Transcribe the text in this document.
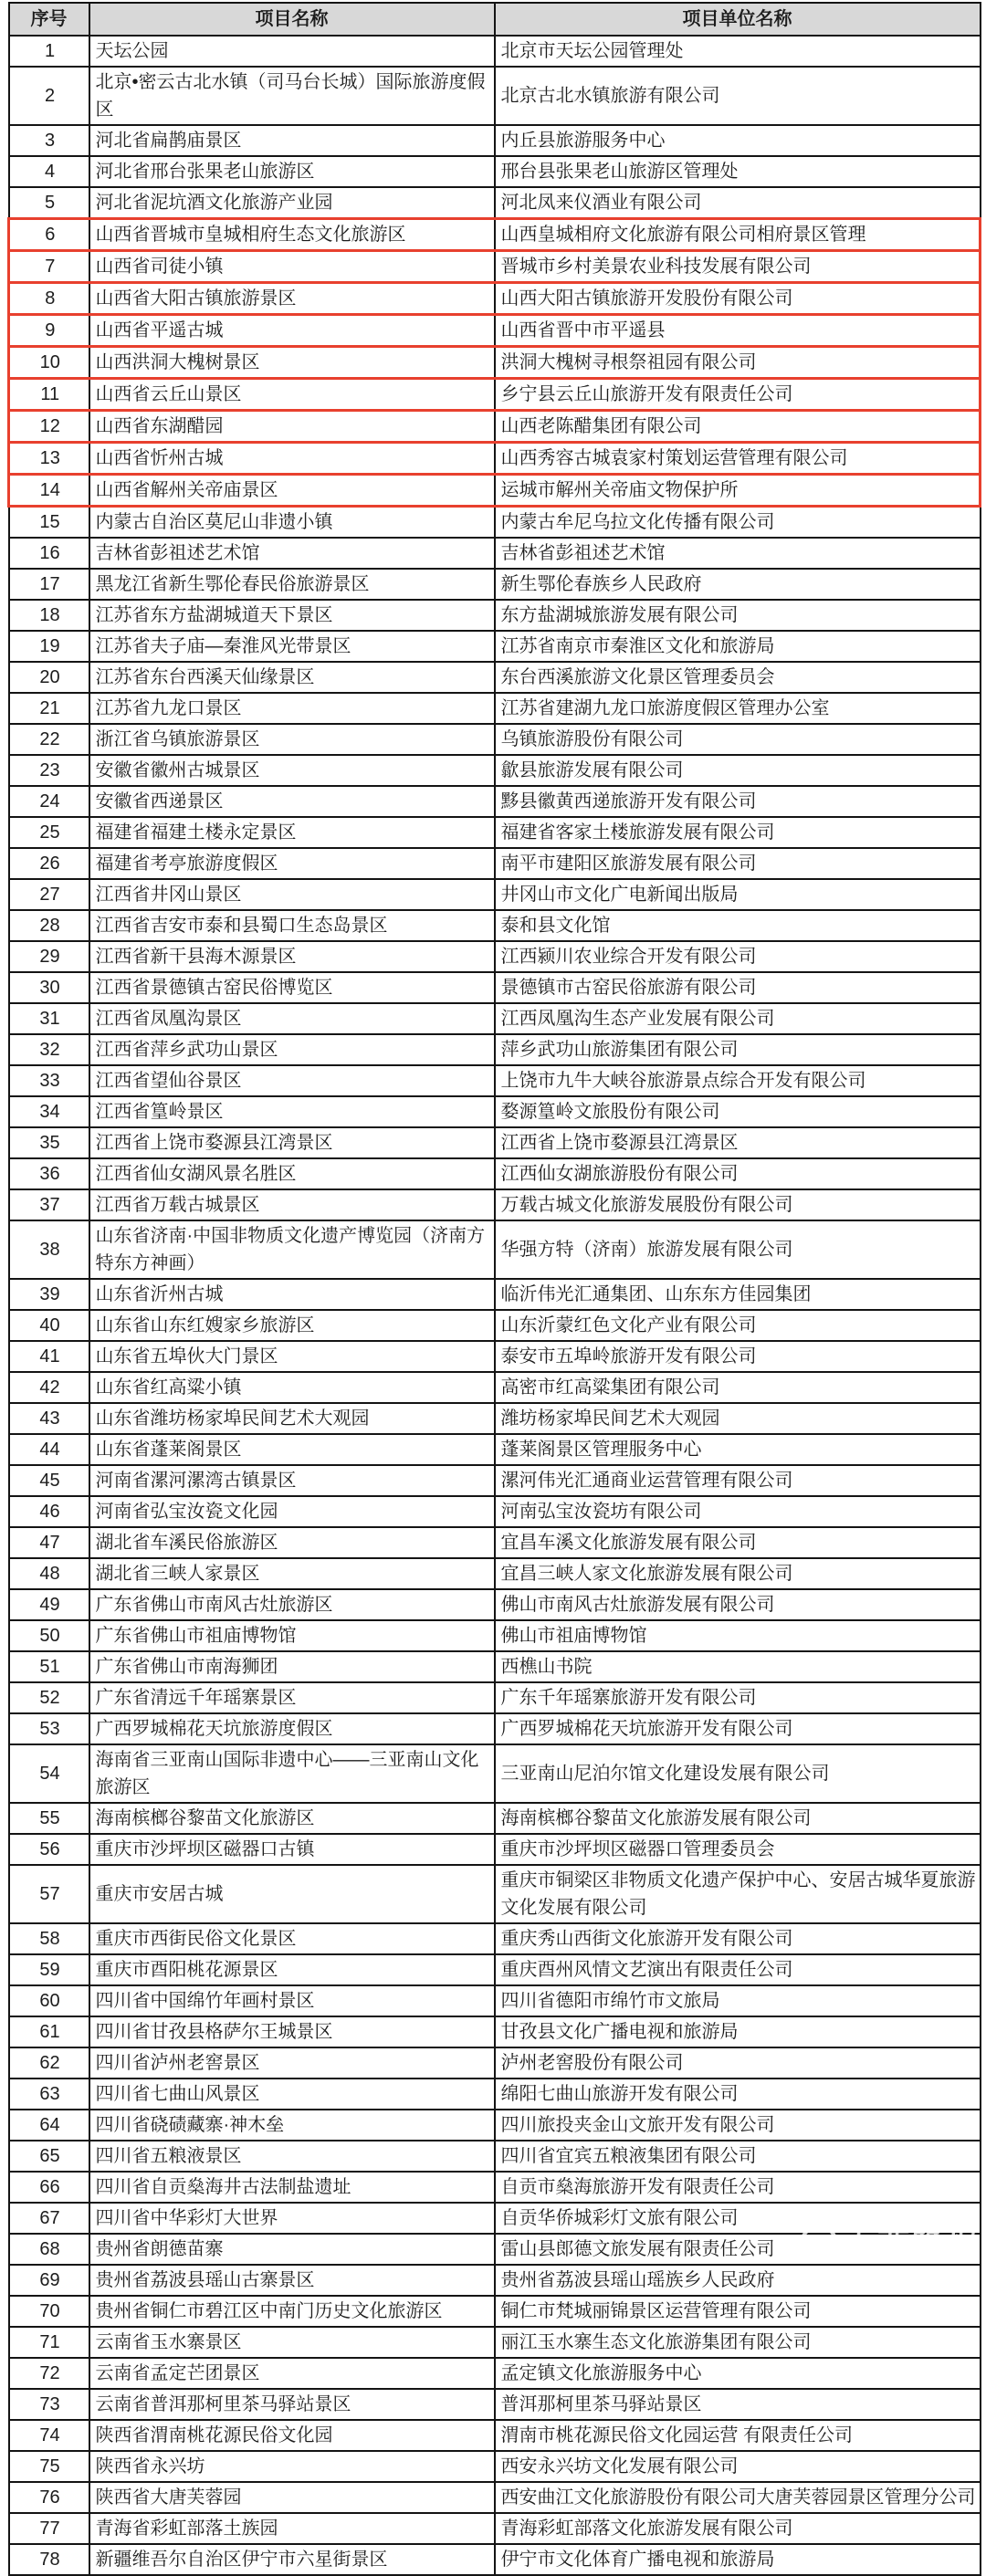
序号	项目名称	项目单位名称
1	天坛公园	北京市天坛公园管理处
2	北京•密云古北水镇（司马台长城）国际旅游度假区	北京古北水镇旅游有限公司
3	河北省扁鹊庙景区	内丘县旅游服务中心
4	河北省邢台张果老山旅游区	邢台县张果老山旅游区管理处
5	河北省泥坑酒文化旅游产业园	河北凤来仪酒业有限公司
6	山西省晋城市皇城相府生态文化旅游区	山西皇城相府文化旅游有限公司相府景区管理
7	山西省司徒小镇	晋城市乡村美景农业科技发展有限公司
8	山西省大阳古镇旅游景区	山西大阳古镇旅游开发股份有限公司
9	山西省平遥古城	山西省晋中市平遥县
10	山西洪洞大槐树景区	洪洞大槐树寻根祭祖园有限公司
11	山西省云丘山景区	乡宁县云丘山旅游开发有限责任公司
12	山西省东湖醋园	山西老陈醋集团有限公司
13	山西省忻州古城	山西秀容古城袁家村策划运营管理有限公司
14	山西省解州关帝庙景区	运城市解州关帝庙文物保护所
15	内蒙古自治区莫尼山非遗小镇	内蒙古牟尼乌拉文化传播有限公司
16	吉林省彭祖述艺术馆	吉林省彭祖述艺术馆
17	黑龙江省新生鄂伦春民俗旅游景区	新生鄂伦春族乡人民政府
18	江苏省东方盐湖城道天下景区	东方盐湖城旅游发展有限公司
19	江苏省夫子庙—秦淮风光带景区	江苏省南京市秦淮区文化和旅游局
20	江苏省东台西溪天仙缘景区	东台西溪旅游文化景区管理委员会
21	江苏省九龙口景区	江苏省建湖九龙口旅游度假区管理办公室
22	浙江省乌镇旅游景区	乌镇旅游股份有限公司
23	安徽省徽州古城景区	歙县旅游发展有限公司
24	安徽省西递景区	黟县徽黄西递旅游开发有限公司
25	福建省福建土楼永定景区	福建省客家土楼旅游发展有限公司
26	福建省考亭旅游度假区	南平市建阳区旅游发展有限公司
27	江西省井冈山景区	井冈山市文化广电新闻出版局
28	江西省吉安市泰和县蜀口生态岛景区	泰和县文化馆
29	江西省新干县海木源景区	江西颍川农业综合开发有限公司
30	江西省景德镇古窑民俗博览区	景德镇市古窑民俗旅游有限公司
31	江西省凤凰沟景区	江西凤凰沟生态产业发展有限公司
32	江西省萍乡武功山景区	萍乡武功山旅游集团有限公司
33	江西省望仙谷景区	上饶市九牛大峡谷旅游景点综合开发有限公司
34	江西省篁岭景区	婺源篁岭文旅股份有限公司
35	江西省上饶市婺源县江湾景区	江西省上饶市婺源县江湾景区
36	江西省仙女湖风景名胜区	江西仙女湖旅游股份有限公司
37	江西省万载古城景区	万载古城文化旅游发展股份有限公司
38	山东省济南·中国非物质文化遗产博览园（济南方特东方神画）	华强方特（济南）旅游发展有限公司
39	山东省沂州古城	临沂伟光汇通集团、山东东方佳园集团
40	山东省山东红嫂家乡旅游区	山东沂蒙红色文化产业有限公司
41	山东省五埠伙大门景区	泰安市五埠岭旅游开发有限公司
42	山东省红高粱小镇	高密市红高粱集团有限公司
43	山东省潍坊杨家埠民间艺术大观园	潍坊杨家埠民间艺术大观园
44	山东省蓬莱阁景区	蓬莱阁景区管理服务中心
45	河南省漯河漯湾古镇景区	漯河伟光汇通商业运营管理有限公司
46	河南省弘宝汝瓷文化园	河南弘宝汝瓷坊有限公司
47	湖北省车溪民俗旅游区	宜昌车溪文化旅游发展有限公司
48	湖北省三峡人家景区	宜昌三峡人家文化旅游发展有限公司
49	广东省佛山市南风古灶旅游区	佛山市南风古灶旅游发展有限公司
50	广东省佛山市祖庙博物馆	佛山市祖庙博物馆
51	广东省佛山市南海狮团	西樵山书院
52	广东省清远千年瑶寨景区	广东千年瑶寨旅游开发有限公司
53	广西罗城棉花天坑旅游度假区	广西罗城棉花天坑旅游开发有限公司
54	海南省三亚南山国际非遗中心——三亚南山文化旅游区	三亚南山尼泊尔馆文化建设发展有限公司
55	海南槟榔谷黎苗文化旅游区	海南槟榔谷黎苗文化旅游发展有限公司
56	重庆市沙坪坝区磁器口古镇	重庆市沙坪坝区磁器口管理委员会
57	重庆市安居古城	重庆市铜梁区非物质文化遗产保护中心、安居古城华夏旅游文化发展有限公司
58	重庆市西街民俗文化景区	重庆秀山西街文化旅游开发有限公司
59	重庆市酉阳桃花源景区	重庆酉州风情文艺演出有限责任公司
60	四川省中国绵竹年画村景区	四川省德阳市绵竹市文旅局
61	四川省甘孜县格萨尔王城景区	甘孜县文化广播电视和旅游局
62	四川省泸州老窖景区	泸州老窖股份有限公司
63	四川省七曲山风景区	绵阳七曲山旅游开发有限公司
64	四川省硗碛藏寨·神木垒	四川旅投夹金山文旅开发有限公司
65	四川省五粮液景区	四川省宜宾五粮液集团有限公司
66	四川省自贡燊海井古法制盐遗址	自贡市燊海旅游开发有限责任公司
67	四川省中华彩灯大世界	自贡华侨城彩灯文旅有限公司
68	贵州省朗德苗寨	雷山县郎德文旅发展有限责任公司
69	贵州省荔波县瑶山古寨景区	贵州省荔波县瑶山瑶族乡人民政府
70	贵州省铜仁市碧江区中南门历史文化旅游区	铜仁市梵城丽锦景区运营管理有限公司
71	云南省玉水寨景区	丽江玉水寨生态文化旅游集团有限公司
72	云南省孟定芒团景区	孟定镇文化旅游服务中心
73	云南省普洱那柯里茶马驿站景区	普洱那柯里茶马驿站景区
74	陕西省渭南桃花源民俗文化园	渭南市桃花源民俗文化园运营 有限责任公司
75	陕西省永兴坊	西安永兴坊文化发展有限公司
76	陕西省大唐芙蓉园	西安曲江文化旅游股份有限公司大唐芙蓉园景区管理分公司
77	青海省彩虹部落土族园	青海彩虹部落文化旅游发展有限公司
78	新疆维吾尔自治区伊宁市六星街景区	伊宁市文化体育广播电视和旅游局
山西晚报
